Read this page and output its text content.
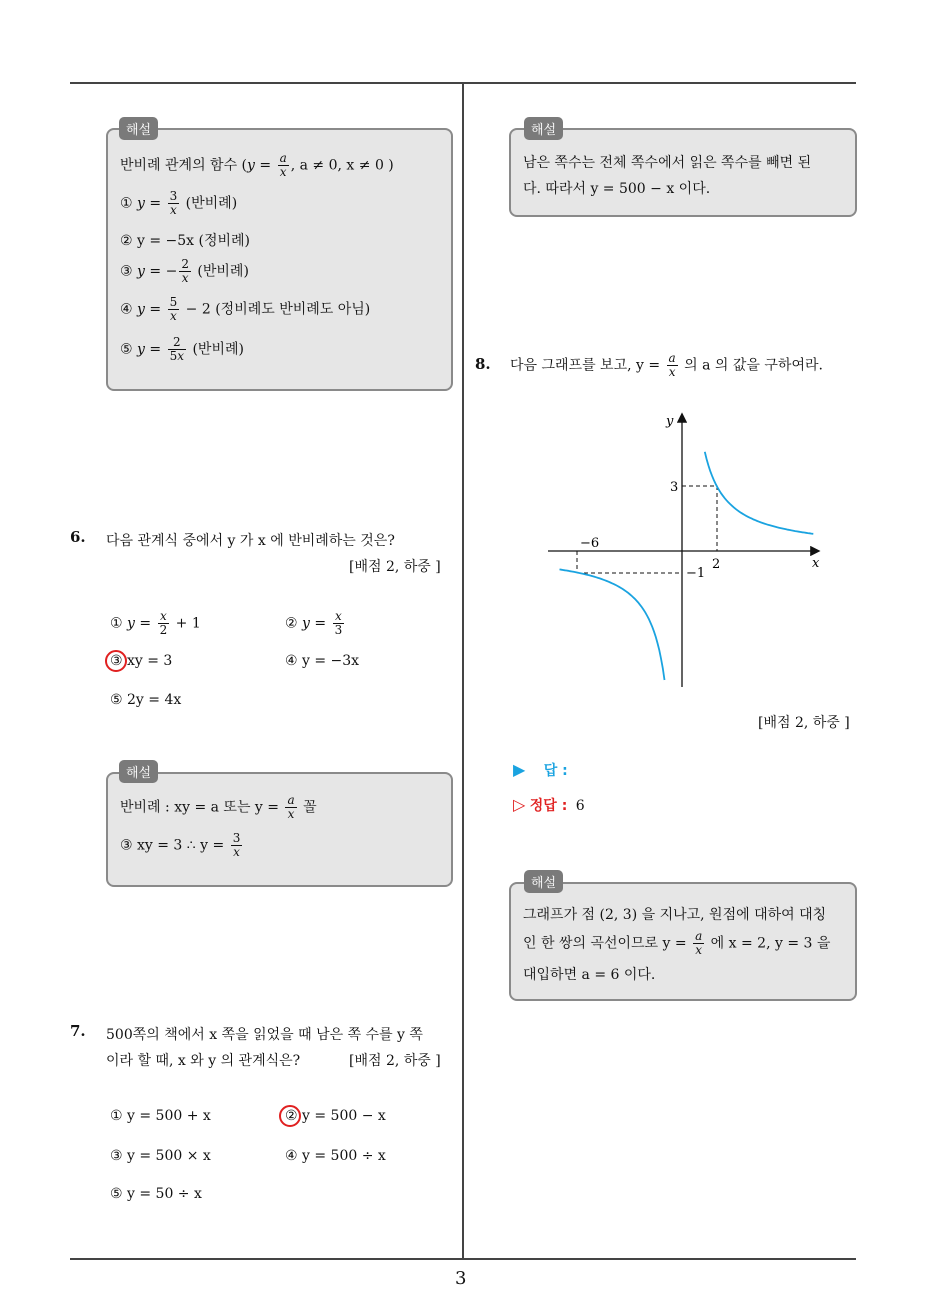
3
반비례 관계의 함수 ($y = \frac{a}{x}$ , a ≠ 0, x ≠ 0 )
① $y = \frac{3}{x}$ (반비례)
② y = −5x (정비례)
③ y = − $\frac{2}{x}$ (반비례)
④ $y = \frac{5}{x} - 2$ (정비례도 반비례도 아님)
⑤ $y = \frac{2}{5x}$ (반비례)
해설
6. 다음 관계식 중에서 y 가 x 에 반비례하는 것은?
[배점 2, 하중 ]
① $y = \frac{x}{2} + 1$	② $y = \frac{x}{3}$
③ xy = 3	④ y = −3x
⑤ 2y = 4x
반비례 : xy = a 또는 $y = \frac{a}{x}$ 꼴
③ xy = 3 ∴ $y = \frac{3}{x}$
해설
7. 500쪽의 책에서 x 쪽을 읽었을 때 남은 쪽 수를 y 쪽
이라 할 때, x 와 y 의 관계식은?	[배점 2, 하중 ]
① y = 500 + x	② y = 500 − x
③ y = 500 × x	④ y = 500 ÷ x
⑤ y = 50 ÷ x
남은 쪽수는 전체 쪽수에서 읽은 쪽수를 빼면 된
다. 따라서 y = 500 − x 이다.
해설
8. 다음 그래프를 보고, $y = \frac{a}{x}$ 의 a 의 값을 구하여라.
x
y
3
−6
2
−1
[배점 2, 하중 ]
▶ 답 :
▷ 정답 : 6
그래프가 점 (2, 3) 을 지나고, 원점에 대하여 대칭
인 한 쌍의 곡선이므로 $y = \frac{a}{x}$ 에 x = 2, y = 3 을
대입하면 a = 6 이다.
해설
